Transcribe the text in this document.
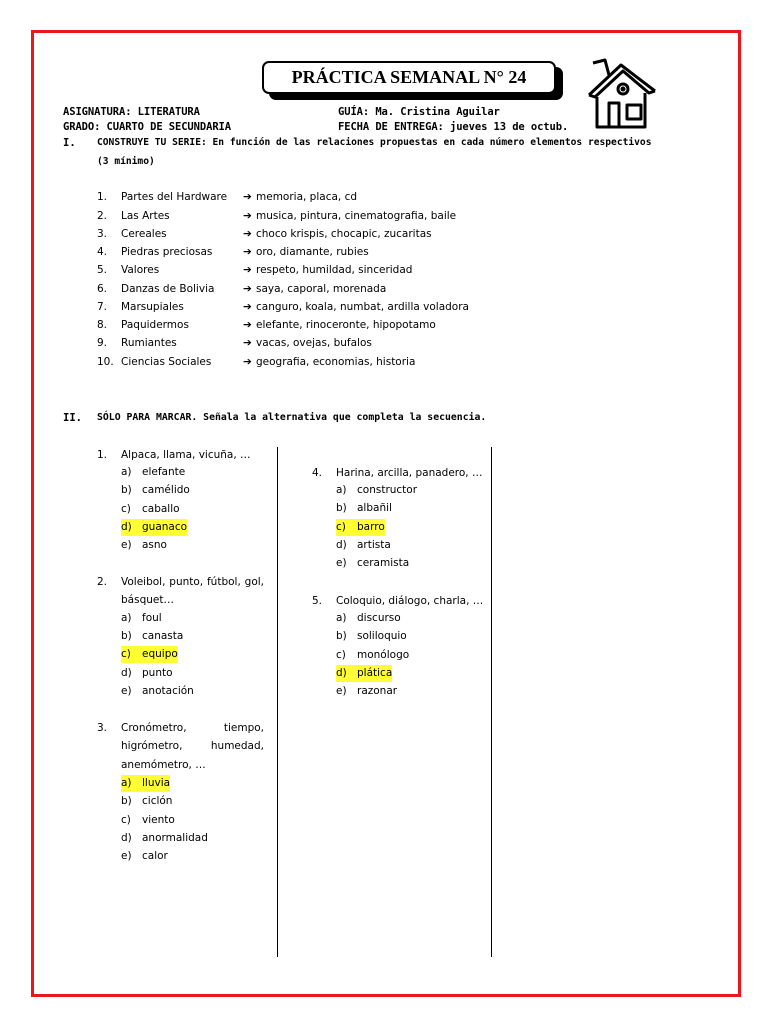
PRÁCTICA SEMANAL N° 24
ASIGNATURA: LITERATURA	GUÍA: Ma. Cristina Aguilar
GRADO: CUARTO DE SECUNDARIA	FECHA DE ENTREGA: jueves 13 de octub.
I. CONSTRUYE TU SERIE: En función de las relaciones propuestas en cada número elementos respectivos
(3 mínimo)
1. Partes del Hardware ➔ memoria, placa, cd
2. Las Artes	➔ musica, pintura, cinematografia, baile
3. Cereales	➔ choco krispis, chocapic, zucaritas
4. Piedras preciosas	➔ oro, diamante, rubies
5. Valores	➔ respeto, humildad, sinceridad
6. Danzas de Bolivia	➔ saya, caporal, morenada
7. Marsupiales	➔ canguro, koala, numbat, ardilla voladora
8. Paquidermos	➔ elefante, rinoceronte, hipopotamo
9. Rumiantes	➔ vacas, ovejas, bufalos
10. Ciencias Sociales	➔ geografia, economias, historia
II. SÓLO PARA MARCAR. Señala la alternativa que completa la secuencia.
1. Alpaca, llama, vicuña, …
a) elefante
b) camélido
c) caballo
d) guanaco
e) asno
2. Voleibol, punto, fútbol, gol, básquet…
a) foul
b) canasta
c) equipo
d) punto
e) anotación
3. Cronómetro, tiempo, higrómetro, humedad, anemómetro, …
a) lluvia
b) ciclón
c) viento
d) anormalidad
e) calor
4. Harina, arcilla, panadero, …
a) constructor
b) albañil
c) barro
d) artista
e) ceramista
5. Coloquio, diálogo, charla, …
a) discurso
b) soliloquio
c) monólogo
d) plática
e) razonar
